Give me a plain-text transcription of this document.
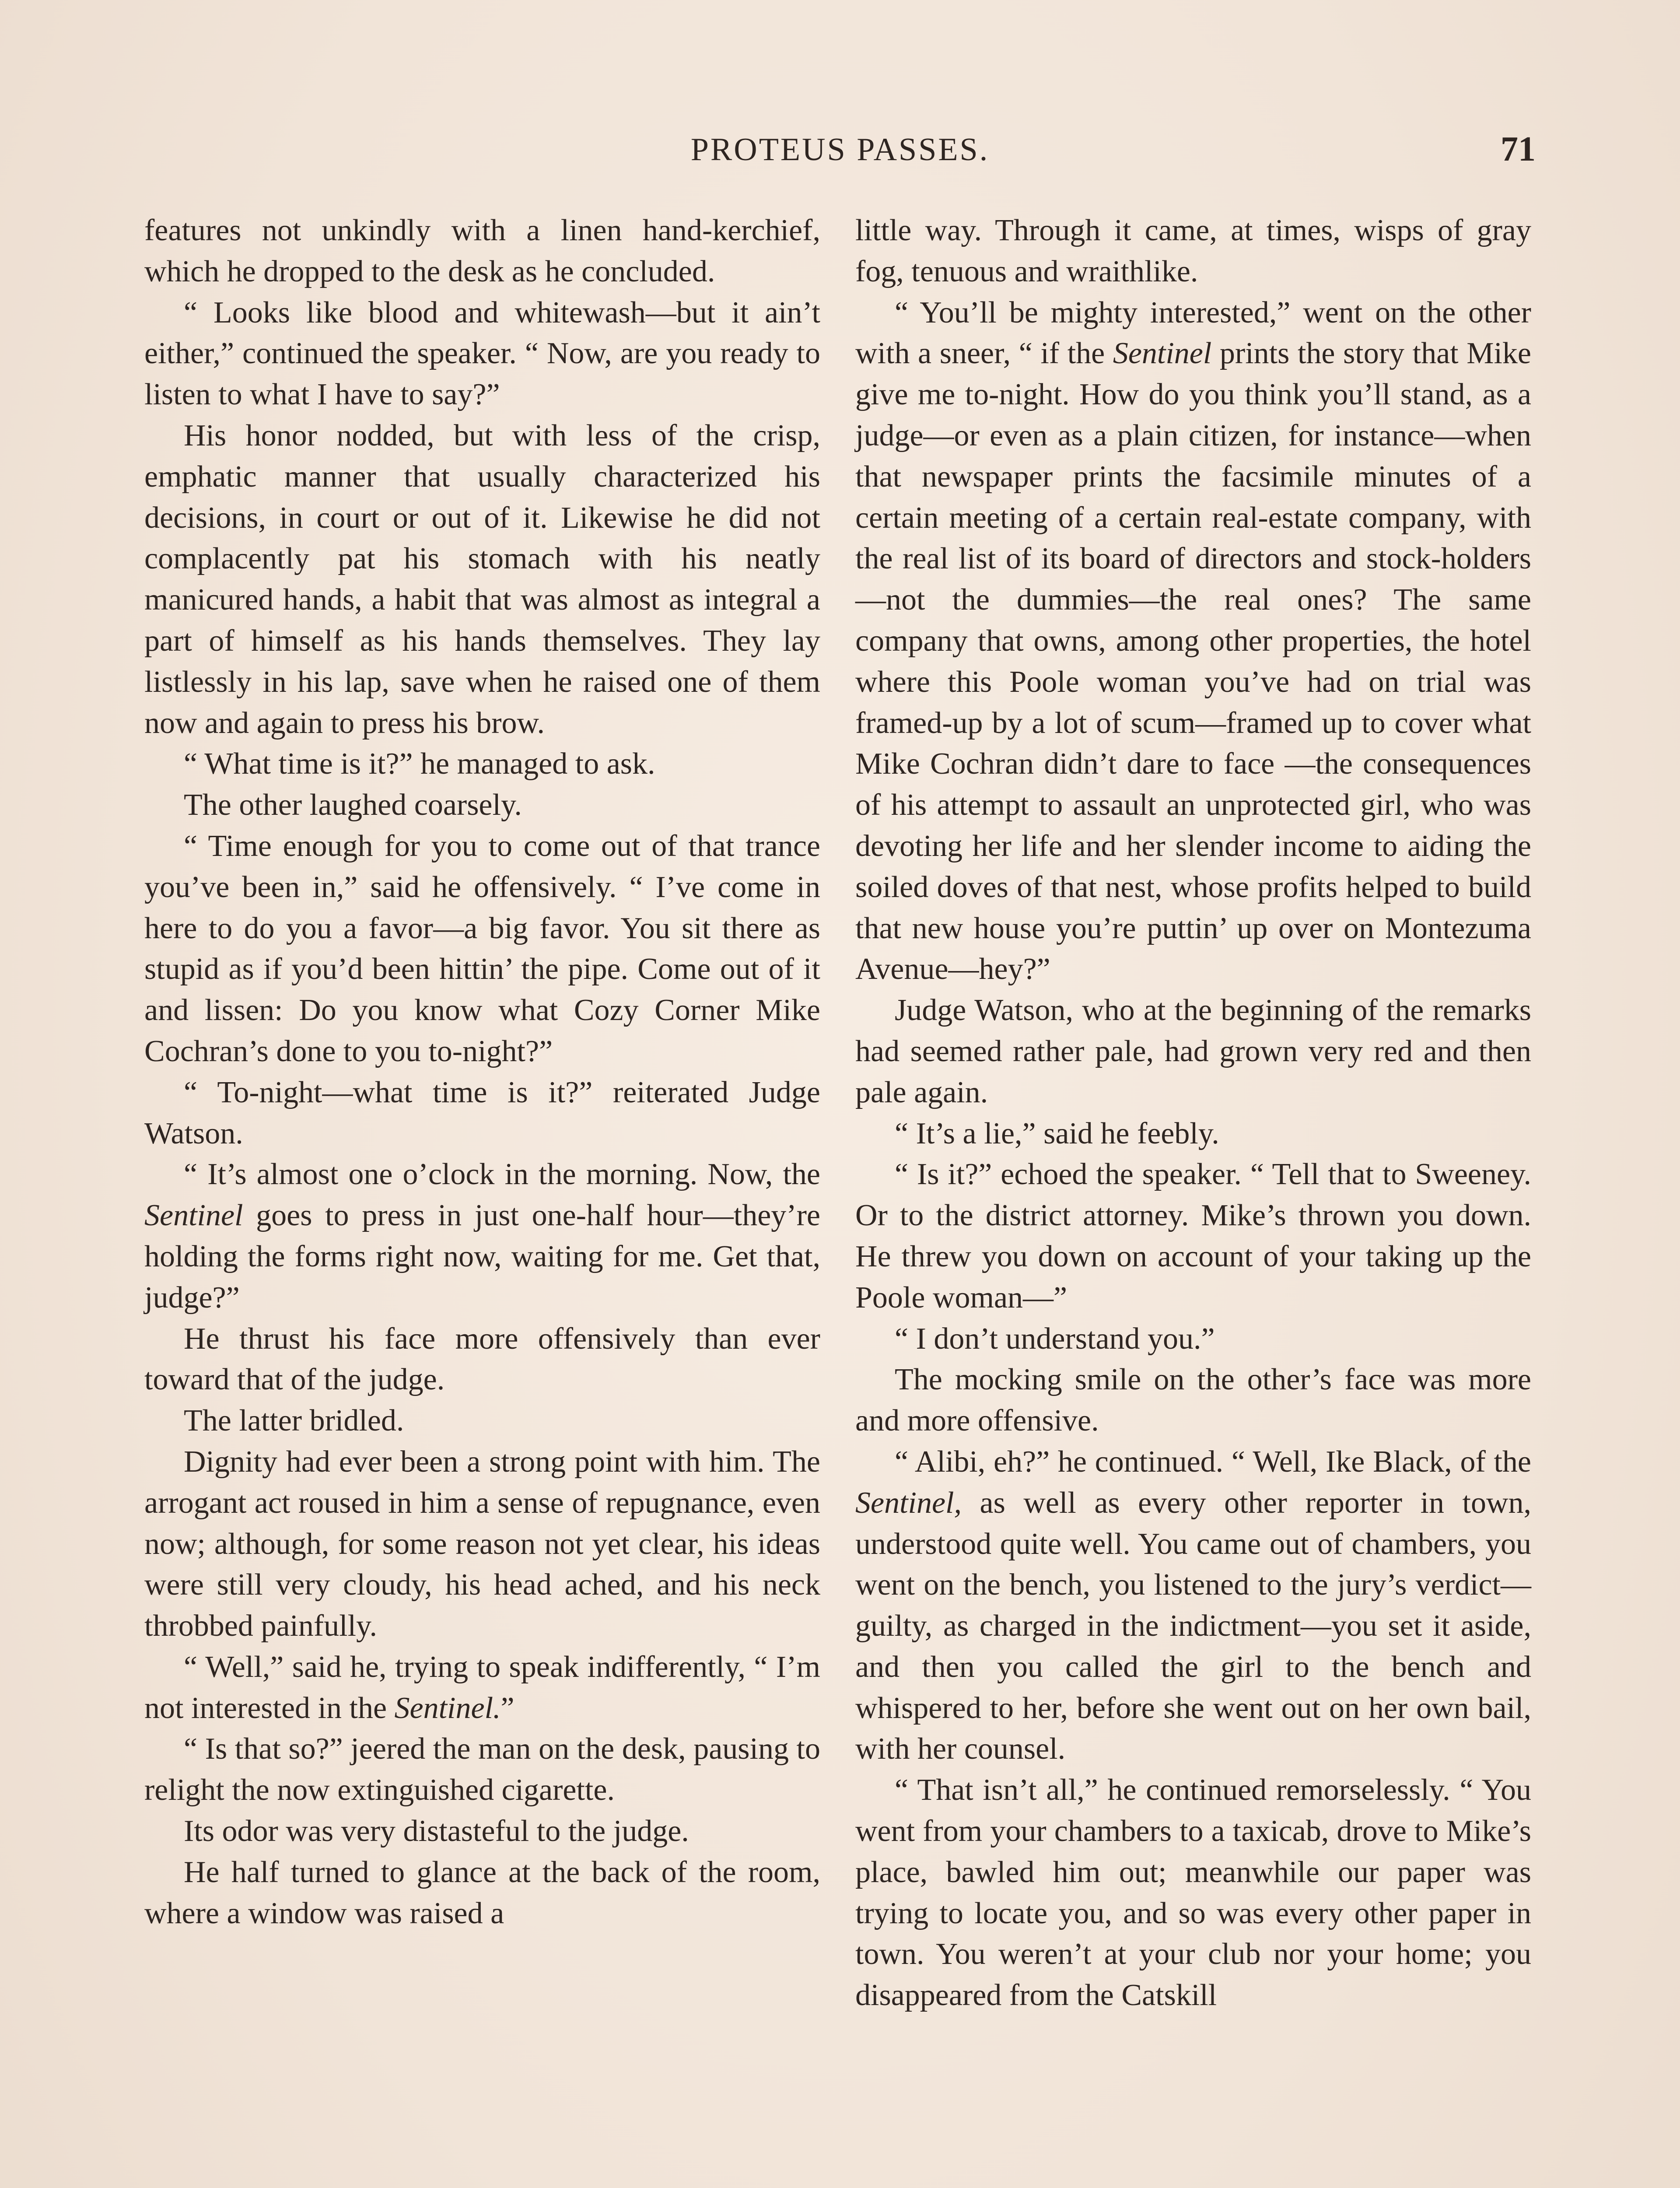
PROTEUS PASSES.	71

features not unkindly with a linen hand-kerchief, which he dropped to the desk as he concluded.

“ Looks like blood and whitewash—but it ain’t either,” continued the speaker. “ Now, are you ready to listen to what I have to say?”

His honor nodded, but with less of the crisp, emphatic manner that usually characterized his decisions, in court or out of it. Likewise he did not complacently pat his stomach with his neatly manicured hands, a habit that was almost as integral a part of himself as his hands themselves. They lay listlessly in his lap, save when he raised one of them now and again to press his brow.

“ What time is it?” he managed to ask.

The other laughed coarsely.

“ Time enough for you to come out of that trance you’ve been in,” said he offensively. “ I’ve come in here to do you a favor—a big favor. You sit there as stupid as if you’d been hittin’ the pipe. Come out of it and lissen: Do you know what Cozy Corner Mike Cochran’s done to you to-night?”

“ To-night—what time is it?” reiterated Judge Watson.

“ It’s almost one o’clock in the morning. Now, the Sentinel goes to press in just one-half hour—they’re holding the forms right now, waiting for me. Get that, judge?”

He thrust his face more offensively than ever toward that of the judge.

The latter bridled.

Dignity had ever been a strong point with him. The arrogant act roused in him a sense of repugnance, even now; although, for some reason not yet clear, his ideas were still very cloudy, his head ached, and his neck throbbed painfully.

“ Well,” said he, trying to speak indifferently, “ I’m not interested in the Sentinel.”

“ Is that so?” jeered the man on the desk, pausing to relight the now extinguished cigarette.

Its odor was very distasteful to the judge.

He half turned to glance at the back of the room, where a window was raised a

little way. Through it came, at times, wisps of gray fog, tenuous and wraithlike.

“ You’ll be mighty interested,” went on the other with a sneer, “ if the Sentinel prints the story that Mike give me to-night. How do you think you’ll stand, as a judge—or even as a plain citizen, for instance—when that newspaper prints the facsimile minutes of a certain meeting of a certain real-estate company, with the real list of its board of directors and stock-holders—not the dummies—the real ones? The same company that owns, among other properties, the hotel where this Poole woman you’ve had on trial was framed-up by a lot of scum—framed up to cover what Mike Cochran didn’t dare to face —the consequences of his attempt to assault an unprotected girl, who was devoting her life and her slender income to aiding the soiled doves of that nest, whose profits helped to build that new house you’re puttin’ up over on Montezuma Avenue—hey?”

Judge Watson, who at the beginning of the remarks had seemed rather pale, had grown very red and then pale again.

“ It’s a lie,” said he feebly.

“ Is it?” echoed the speaker. “ Tell that to Sweeney. Or to the district attorney. Mike’s thrown you down. He threw you down on account of your taking up the Poole woman—”

“ I don’t understand you.”

The mocking smile on the other’s face was more and more offensive.

“ Alibi, eh?” he continued. “ Well, Ike Black, of the Sentinel, as well as every other reporter in town, understood quite well. You came out of chambers, you went on the bench, you listened to the jury’s verdict—guilty, as charged in the indictment—you set it aside, and then you called the girl to the bench and whispered to her, before she went out on her own bail, with her counsel.

“ That isn’t all,” he continued remorselessly. “ You went from your chambers to a taxicab, drove to Mike’s place, bawled him out; meanwhile our paper was trying to locate you, and so was every other paper in town. You weren’t at your club nor your home; you disappeared from the Catskill
